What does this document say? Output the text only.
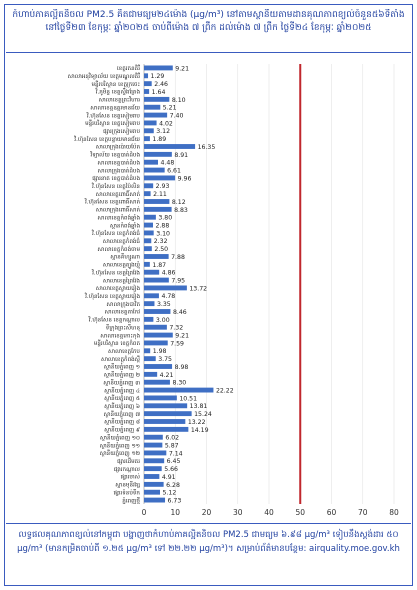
កំហាប់ភាគល្អិតនិចល PM2.5 គិតជាមធ្យម២៤ម៉ោង (µg/m³) នៅតាមស្ថានីយតាមដានគុណភាពខ្យល់ចំនួន៥៦ទីតាំង នៅថ្ងៃទី២៣ ខែកុម្ភៈ ឆ្នាំ២០២៥ ចាប់ពីម៉ោង ៧ ព្រឹក ដល់ម៉ោង ៧ ព្រឹក ថ្ងៃទី២៤ ខែកុម្ភៈ ឆ្នាំ២០២៥
0	10	20	30	40	50	60	70	80
ខេត្តរតនគិរី	9.21
សាលាអនុវិទ្យាល័យ ខេត្តមណ្ឌលគិរី 1.29
មន្ទីរបរិស្ថាន ខេត្តក្រចេះ 2.46
វិ.ភូមិន្ទ ខេត្តស្ទឹងត្រែង 1.64
សាលាខេត្តព្រះវិហារ	8.10
សាលាខេត្តឧត្តរមានជ័យ	5.21
វិ.ហ៊ុនសែន ខេត្តសៀមរាប	7.40
មន្ទីរបរិស្ថាន ខេត្តសៀមរាប	4.02
ផ្សារក្រុងសៀមរាប	3.12
វិ.ហ៊ុនសែន ខេត្តបន្ទាយមានជ័យ 1.89
សាលាក្រុងប៉ោយប៉ែត	16.35
វិទ្យាល័យ ខេត្តបាត់ដំបង	8.91
សាលាខេត្តបាត់ដំបង	4.48
សាលាក្រុងបាត់ដំបង	6.61
ផ្សារនាត ខេត្តបាត់ដំបង	9.96
វិ.ហ៊ុនសែន ខេត្តប៉ៃលិន	2.93
សាលាខេត្តពោធិ៍សាត់ 2.11
វិ.ហ៊ុនសែន ខេត្តពោធិ៍សាត់	8.12
សាលាក្រុងពោធិ៍សាត់	8.83
សាលាខេត្តកំពង់ឆ្នាំង	3.80
ស្ពានកំពង់ឆ្នាំង	2.88
វិ.ហ៊ុនសែន ខេត្តកំពង់ធំ	3.10
សាលាខេត្តកំពង់ធំ 2.32
សាលាខេត្តកំពង់ចាម 2.50
ស្ពានគីហ្សូណា	7.88
សាលាខេត្តត្បូងឃ្មុំ 1.87
វិ.ហ៊ុនសែន ខេត្តព្រៃវែង	4.86
សាលាខេត្តព្រៃវែង	7.95
សាលាខេត្តស្វាយរៀង	13.72
វិ.ហ៊ុនសែន ខេត្តស្វាយរៀង	4.78
សាលាក្រុងបាវិត	3.35
សាលាខេត្តតាកែវ	8.46
វិ.ហ៊ុនសែន ខេត្តកណ្តាល	3.00
ទីក្រុងព្រះសីហនុ	7.32
សាលាខេត្តកោះកុង	9.21
មន្ទីរបរិស្ថាន ខេត្តកំពត	7.59
សាលាខេត្តកែប 1.98
សាលាខេត្តកំពង់ស្ពឺ	3.75
ស្ថានីយភ្នំពេញ ១	8.98
ស្ថានីយភ្នំពេញ ២	4.21
ស្ថានីយភ្នំពេញ ៣	8.30
ស្ថានីយភ្នំពេញ ៤	22.22
ស្ថានីយភ្នំពេញ ៥	10.51
ស្ថានីយភ្នំពេញ ៦	13.81
ស្ថានីយភ្នំពេញ ៧	15.24
ស្ថានីយភ្នំពេញ ៨	13.22
ស្ថានីយភ្នំពេញ ៩	14.19
ស្ថានីយភ្នំពេញ ១០	6.02
ស្ថានីយភ្នំពេញ ១១	5.87
ស្ថានីយភ្នំពេញ ១២	7.14
ផ្សារដើមគរ	6.45
ផ្សារកណ្តាល	5.66
ផ្សារចាស់	4.91
ស្ពានមុនីវង្ស	6.28
ផ្សារទំនប់ទឹក	5.12
ភ្នំពេញថ្មី	6.73
លទ្ធផលគុណភាពខ្យល់នៅកម្ពុជា បង្ហាញថាកំហាប់ភាគល្អិតនិចល PM2.5 ជាមធ្យម ៦.៩៨ µg/m³ ទៀបនឹងស្តង់ដារ ៥០ µg/m³ (មានកម្រិតចាប់ពី ១.២៥ µg/m³ ទៅ ២២.២២ µg/m³)។ សម្រាប់ព័ត៌មានបន្ថែម: airquality.moe.gov.kh
